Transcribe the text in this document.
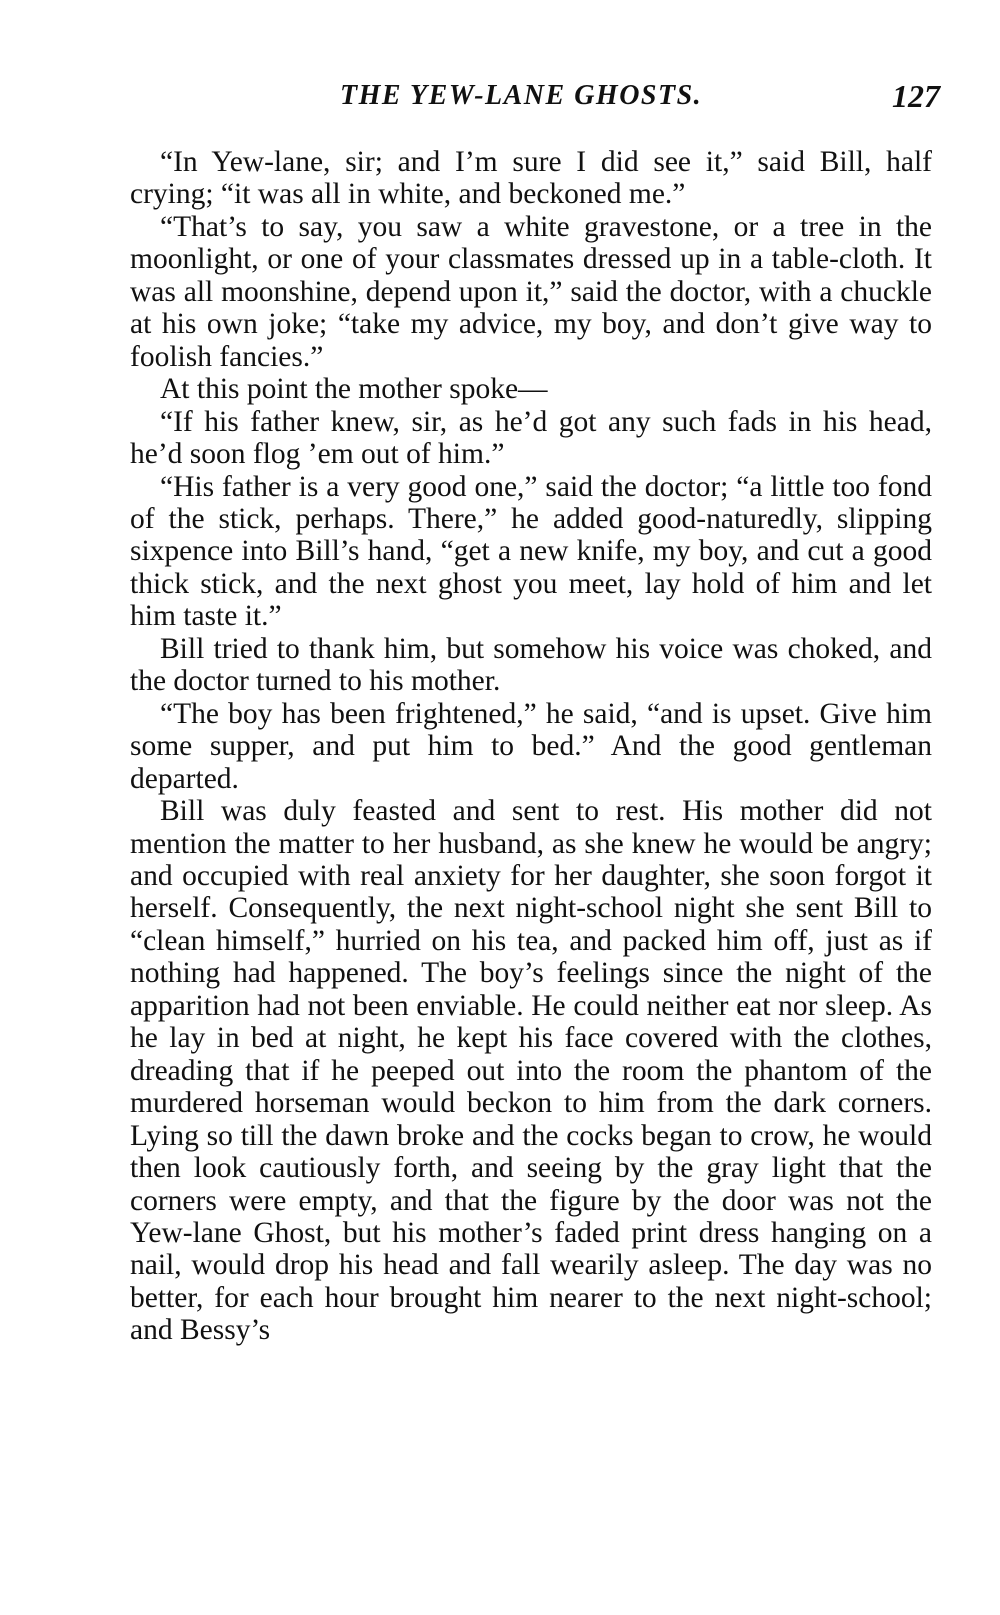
THE YEW-LANE GHOSTS.	127

“In Yew-lane, sir; and I’m sure I did see it,” said Bill, half crying; “it was all in white, and beckoned me.”

“That’s to say, you saw a white gravestone, or a tree in the moonlight, or one of your classmates dressed up in a table-cloth. It was all moonshine, depend upon it,” said the doctor, with a chuckle at his own joke; “take my advice, my boy, and don’t give way to foolish fancies.”

At this point the mother spoke—

“If his father knew, sir, as he’d got any such fads in his head, he’d soon flog ’em out of him.”

“His father is a very good one,” said the doctor; “a little too fond of the stick, perhaps. There,” he added good-naturedly, slipping sixpence into Bill’s hand, “get a new knife, my boy, and cut a good thick stick, and the next ghost you meet, lay hold of him and let him taste it.”

Bill tried to thank him, but somehow his voice was choked, and the doctor turned to his mother.

“The boy has been frightened,” he said, “and is upset. Give him some supper, and put him to bed.” And the good gentleman departed.

Bill was duly feasted and sent to rest. His mother did not mention the matter to her husband, as she knew he would be angry; and occupied with real anxiety for her daughter, she soon forgot it herself. Consequently, the next night-school night she sent Bill to “clean himself,” hurried on his tea, and packed him off, just as if nothing had happened. The boy’s feelings since the night of the apparition had not been enviable. He could neither eat nor sleep. As he lay in bed at night, he kept his face covered with the clothes, dreading that if he peeped out into the room the phantom of the murdered horseman would beckon to him from the dark corners. Lying so till the dawn broke and the cocks began to crow, he would then look cautiously forth, and seeing by the gray light that the corners were empty, and that the figure by the door was not the Yew-lane Ghost, but his mother’s faded print dress hanging on a nail, would drop his head and fall wearily asleep. The day was no better, for each hour brought him nearer to the next night-school; and Bessy’s
